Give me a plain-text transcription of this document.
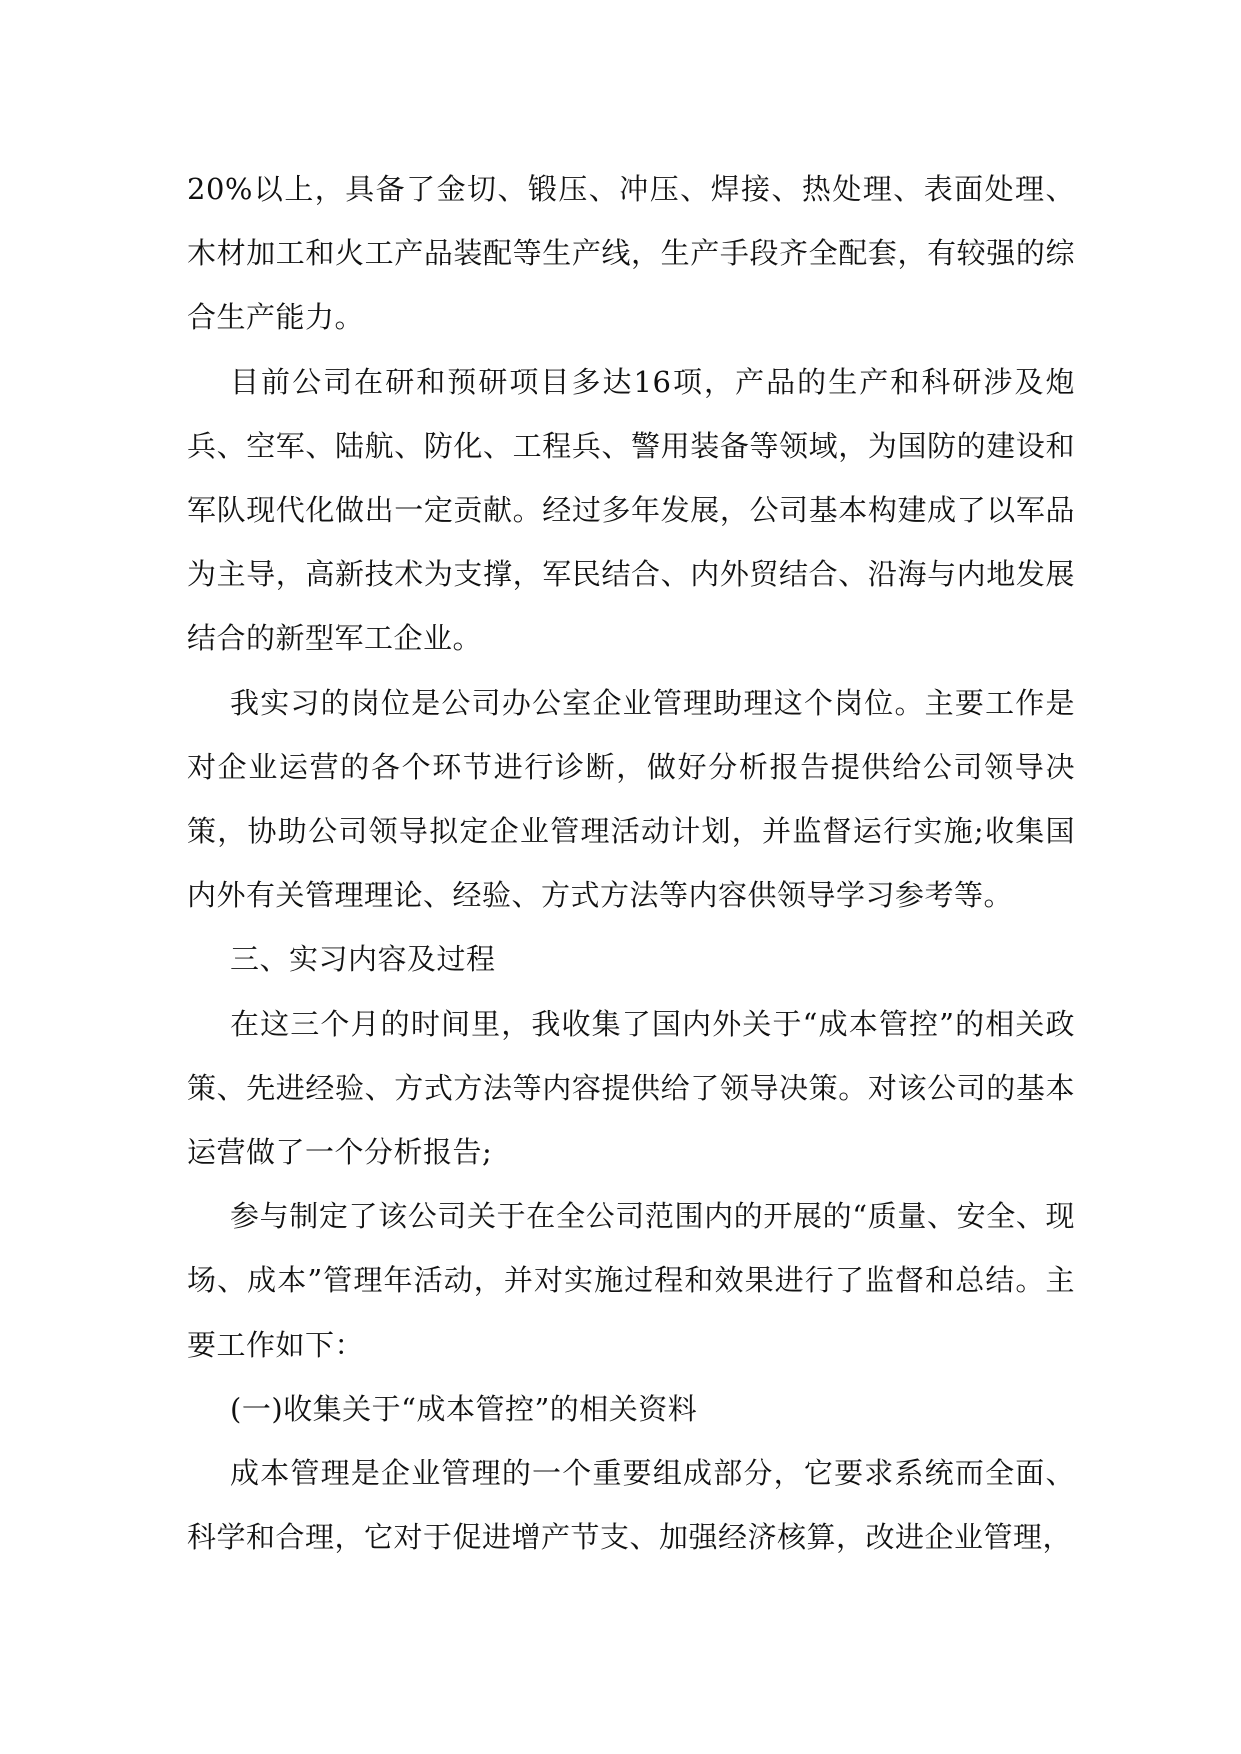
20%以上，具备了金切、锻压、冲压、焊接、热处理、表面处理、木材加工和火工产品装配等生产线，生产手段齐全配套，有较强的综合生产能力。

目前公司在研和预研项目多达16项，产品的生产和科研涉及炮兵、空军、陆航、防化、工程兵、警用装备等领域，为国防的建设和军队现代化做出一定贡献。经过多年发展，公司基本构建成了以军品为主导，高新技术为支撑，军民结合、内外贸结合、沿海与内地发展结合的新型军工企业。

我实习的岗位是公司办公室企业管理助理这个岗位。主要工作是对企业运营的各个环节进行诊断，做好分析报告提供给公司领导决策，协助公司领导拟定企业管理活动计划，并监督运行实施;收集国内外有关管理理论、经验、方式方法等内容供领导学习参考等。

三、实习内容及过程

在这三个月的时间里，我收集了国内外关于“成本管控”的相关政策、先进经验、方式方法等内容提供给了领导决策。对该公司的基本运营做了一个分析报告;

参与制定了该公司关于在全公司范围内的开展的“质量、安全、现场、成本”管理年活动，并对实施过程和效果进行了监督和总结。主要工作如下：

(一)收集关于“成本管控”的相关资料

成本管理是企业管理的一个重要组成部分，它要求系统而全面、科学和合理，它对于促进增产节支、加强经济核算，改进企业管理，
